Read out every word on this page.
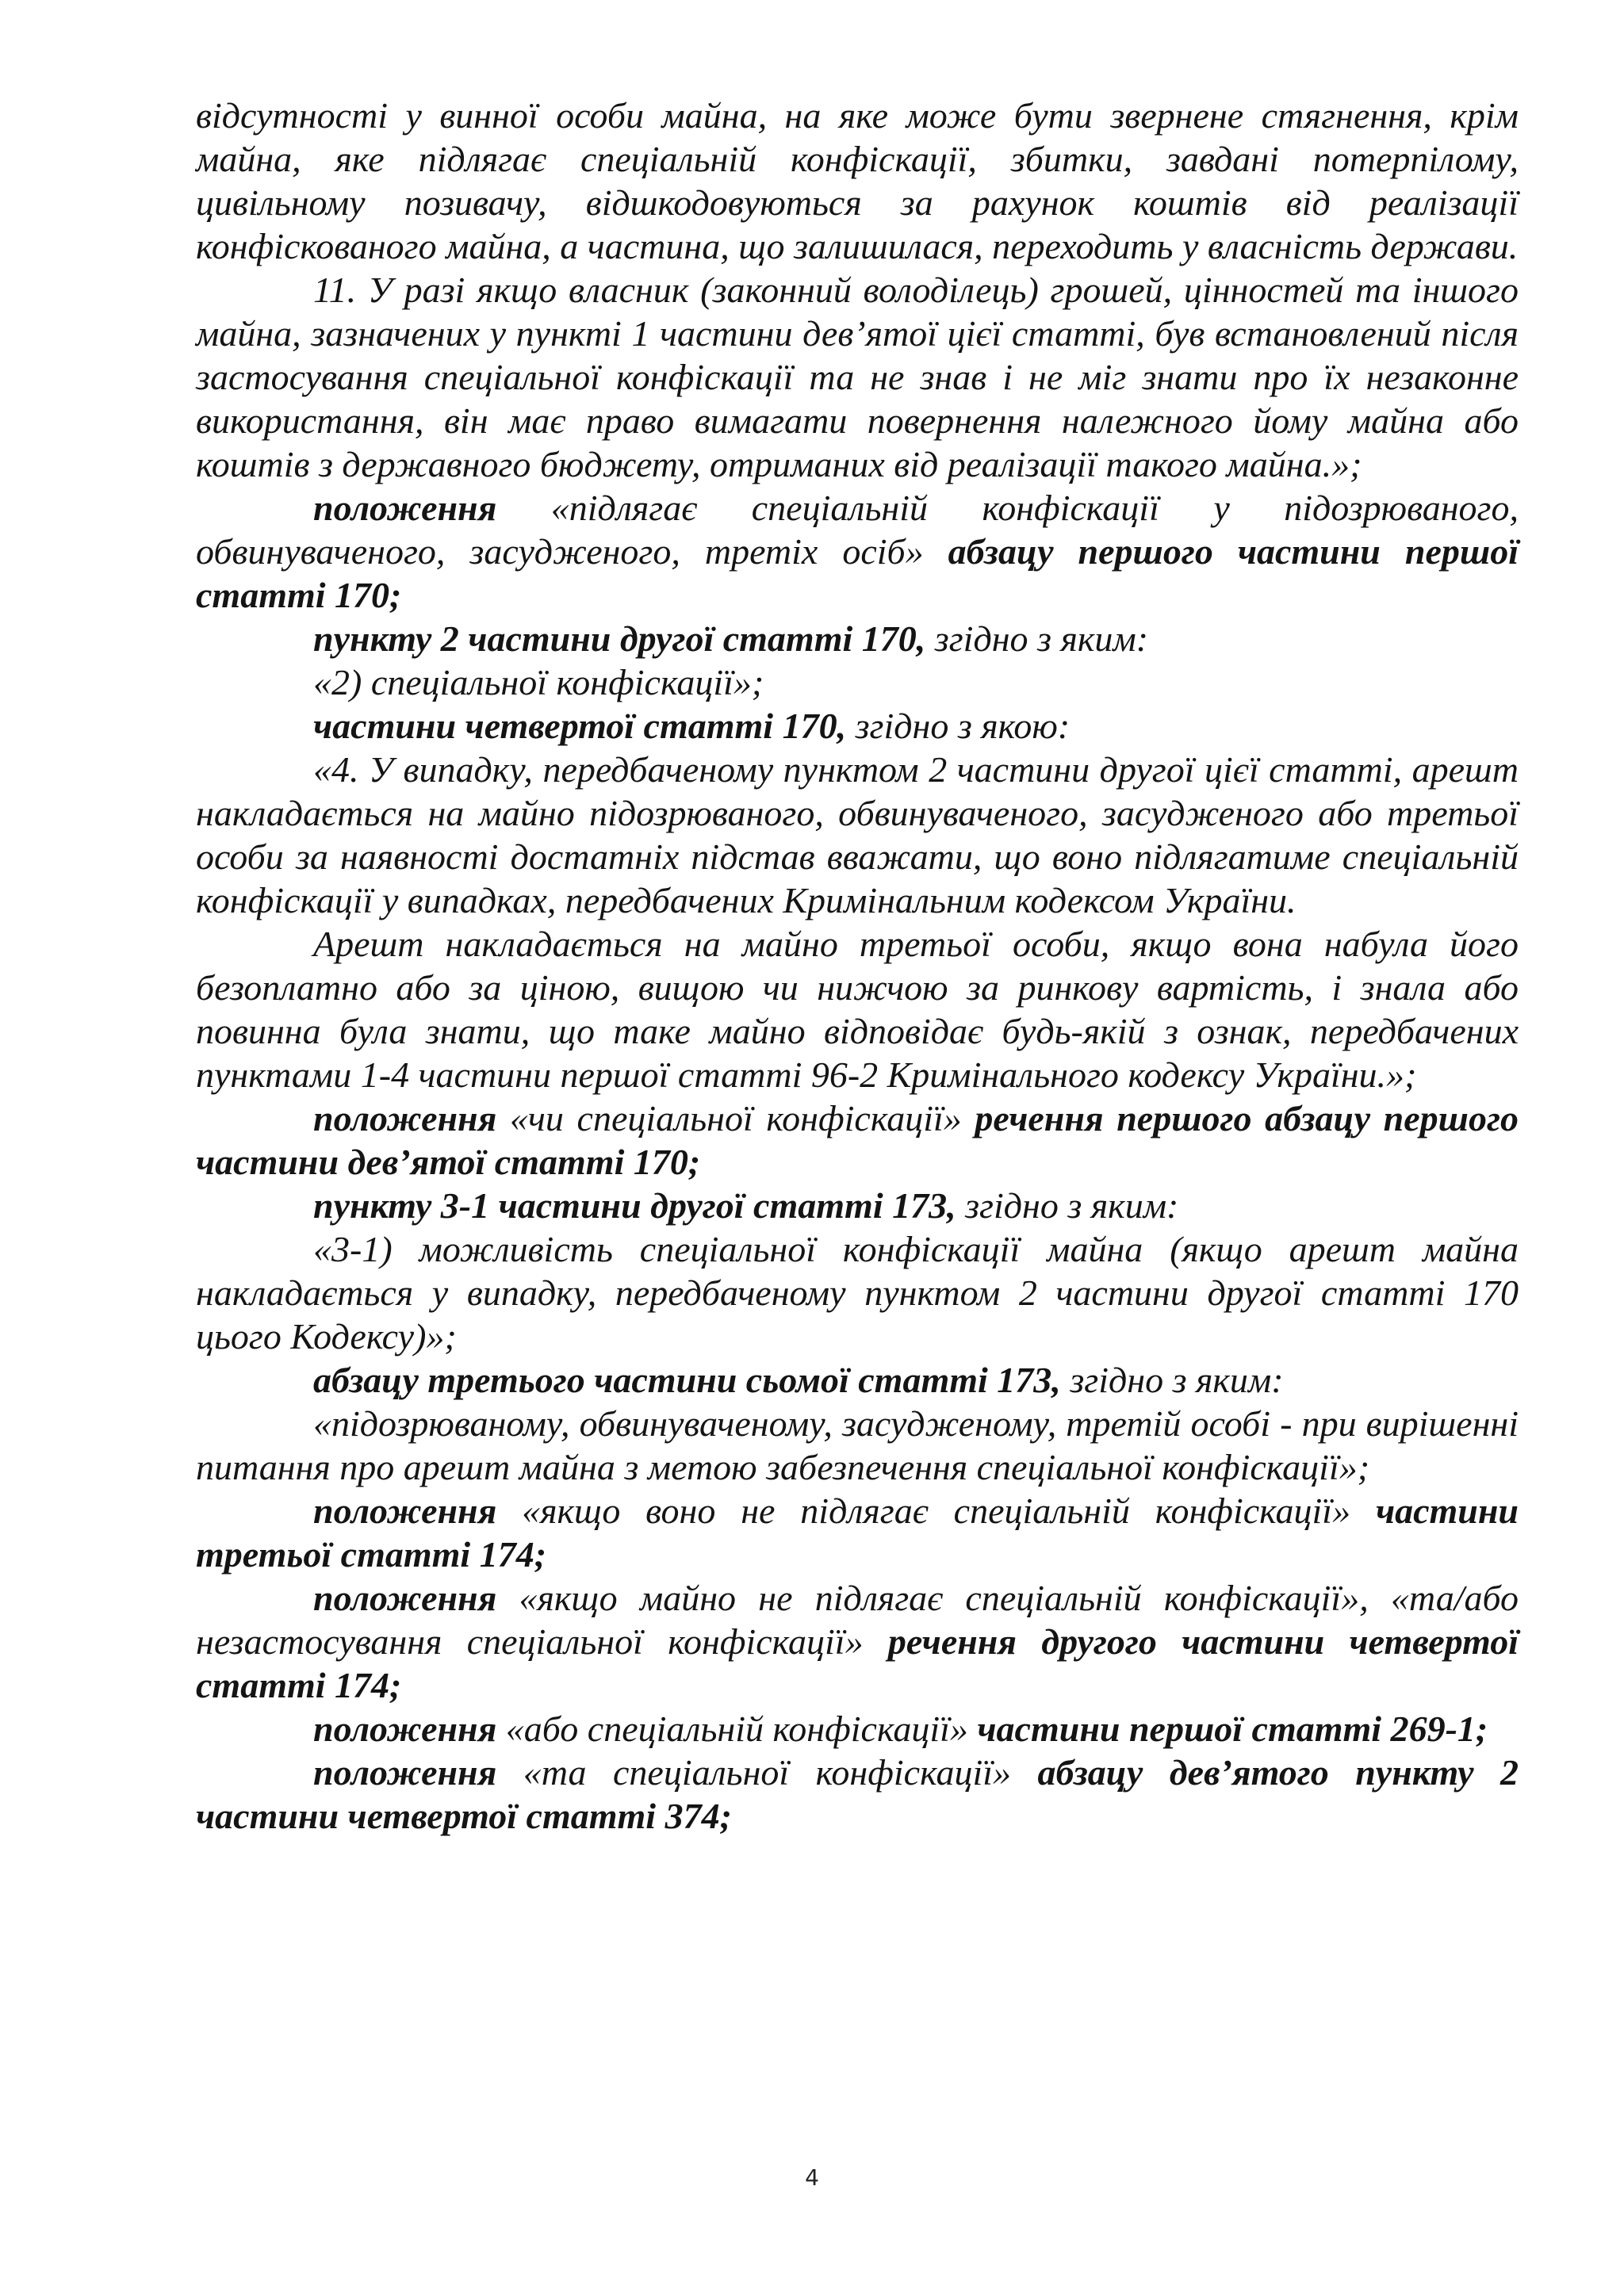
відсутності у винної особи майна, на яке може бути звернене стягнення, крім майна, яке підлягає спеціальній конфіскації, збитки, завдані потерпілому, цивільному позивачу, відшкодовуються за рахунок коштів від реалізації конфіскованого майна, а частина, що залишилася, переходить у власність держави.

11. У разі якщо власник (законний володілець) грошей, цінностей та іншого майна, зазначених у пункті 1 частини дев’ятої цієї статті, був встановлений після застосування спеціальної конфіскації та не знав і не міг знати про їх незаконне використання, він має право вимагати повернення належного йому майна або коштів з державного бюджету, отриманих від реалізації такого майна.»;

положення «підлягає спеціальній конфіскації у підозрюваного, обвинуваченого, засудженого, третіх осіб» абзацу першого частини першої статті 170;

пункту 2 частини другої статті 170, згідно з яким:

«2) спеціальної конфіскації»;

частини четвертої статті 170, згідно з якою:

«4. У випадку, передбаченому пунктом 2 частини другої цієї статті, арешт накладається на майно підозрюваного, обвинуваченого, засудженого або третьої особи за наявності достатніх підстав вважати, що воно підлягатиме спеціальній конфіскації у випадках, передбачених Кримінальним кодексом України.

Арешт накладається на майно третьої особи, якщо вона набула його безоплатно або за ціною, вищою чи нижчою за ринкову вартість, і знала або повинна була знати, що таке майно відповідає будь-якій з ознак, передбачених пунктами 1-4 частини першої статті 96-2 Кримінального кодексу України.»;

положення «чи спеціальної конфіскації» речення першого абзацу першого частини дев’ятої статті 170;

пункту 3-1 частини другої статті 173, згідно з яким:

«3-1) можливість спеціальної конфіскації майна (якщо арешт майна накладається у випадку, передбаченому пунктом 2 частини другої статті 170 цього Кодексу)»;

абзацу третього частини сьомої статті 173, згідно з яким:

«підозрюваному, обвинуваченому, засудженому, третій особі - при вирішенні питання про арешт майна з метою забезпечення спеціальної конфіскації»;

положення «якщо воно не підлягає спеціальній конфіскації» частини третьої статті 174;

положення «якщо майно не підлягає спеціальній конфіскації», «та/або незастосування спеціальної конфіскації» речення другого частини четвертої статті 174;

положення «або спеціальній конфіскації» частини першої статті 269-1;

положення «та спеціальної конфіскації» абзацу дев’ятого пункту 2 частини четвертої статті 374;

4
